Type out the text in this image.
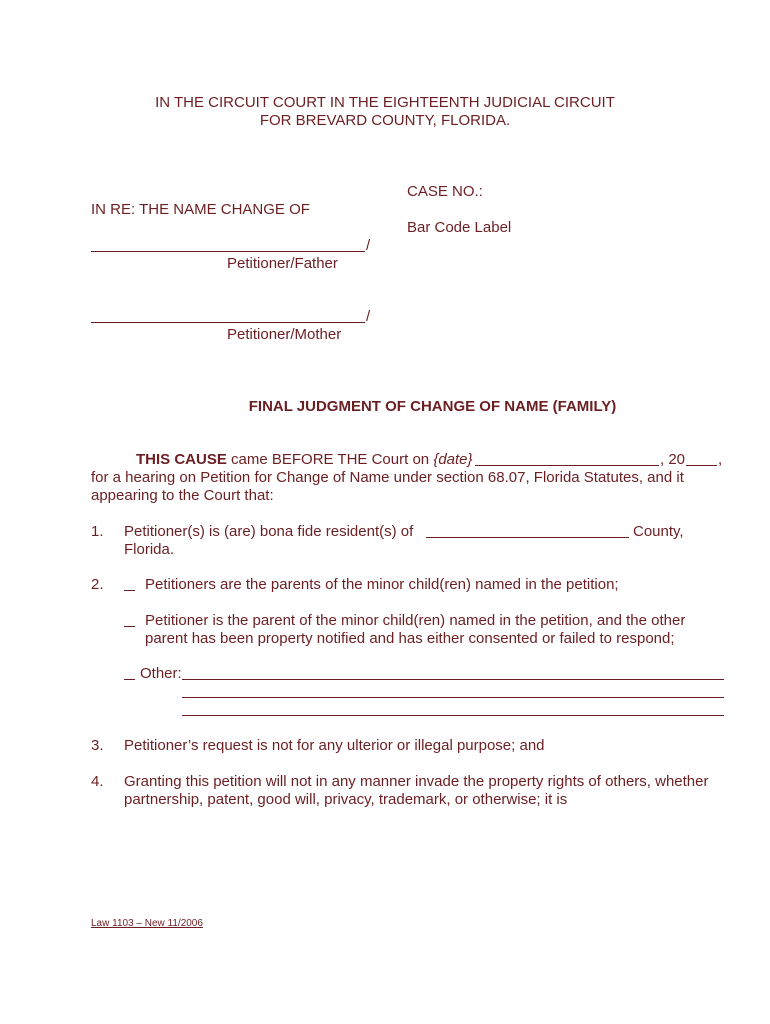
IN THE CIRCUIT COURT IN THE EIGHTEENTH JUDICIAL CIRCUIT
FOR BREVARD COUNTY, FLORIDA.
CASE NO.:
IN RE: THE NAME CHANGE OF
Bar Code Label
/
Petitioner/Father
/
Petitioner/Mother
FINAL JUDGMENT OF CHANGE OF NAME (FAMILY)
THIS CAUSE came BEFORE THE Court on {date}	, 20 ,
for a hearing on Petition for Change of Name under section 68.07, Florida Statutes, and it
appearing to the Court that:
1. Petitioner(s) is (are) bona fide resident(s) of	County,
Florida.
2.	Petitioners are the parents of the minor child(ren) named in the petition;
Petitioner is the parent of the minor child(ren) named in the petition, and the other
parent has been property notified and has either consented or failed to respond;
Other:
3. Petitioner’s request is not for any ulterior or illegal purpose; and
4. Granting this petition will not in any manner invade the property rights of others, whether
partnership, patent, good will, privacy, trademark, or otherwise; it is
Law 1103 – New 11/2006
